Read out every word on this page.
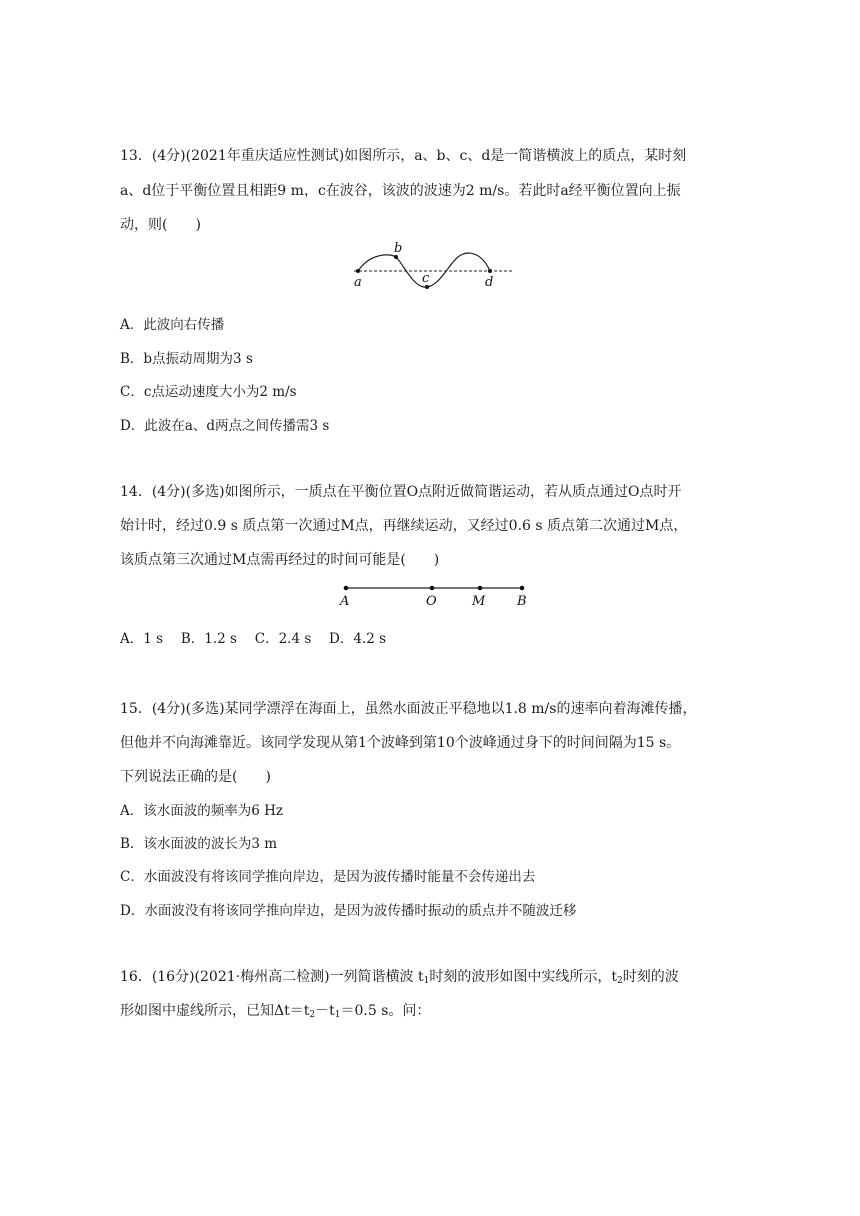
13．(4分)(2021年重庆适应性测试)如图所示，a、b、c、d是一简谐横波上的质点，某时刻
a、d位于平衡位置且相距9 m，c在波谷，该波的波速为2 m/s。若此时a经平衡位置向上振
动，则(　　)
a
b
c	d
A．此波向右传播
B．b点振动周期为3 s
C．c点运动速度大小为2 m/s
D．此波在a、d两点之间传播需3 s
14．(4分)(多选)如图所示，一质点在平衡位置O点附近做简谐运动，若从质点通过O点时开
始计时，经过0.9 s 质点第一次通过M点，再继续运动，又经过0.6 s 质点第二次通过M点，
该质点第三次通过M点需再经过的时间可能是(　　)
A	O	M B
A．1 s　 B．1.2 s　 C．2.4 s　 D．4.2 s
15．(4分)(多选)某同学漂浮在海面上，虽然水面波正平稳地以1.8 m/s的速率向着海滩传播，
但他并不向海滩靠近。该同学发现从第1个波峰到第10个波峰通过身下的时间间隔为15 s。
下列说法正确的是(　　)
A．该水面波的频率为6 Hz
B．该水面波的波长为3 m
C．水面波没有将该同学推向岸边，是因为波传播时能量不会传递出去
D．水面波没有将该同学推向岸边，是因为波传播时振动的质点并不随波迁移
16．(16分)(2021·梅州高二检测)一列简谐横波 $t_1$时刻的波形如图中实线所示，$t_2$时刻的波
形如图中虚线所示，已知$\Delta t=t_2-t_1=0.5$ s。问：
